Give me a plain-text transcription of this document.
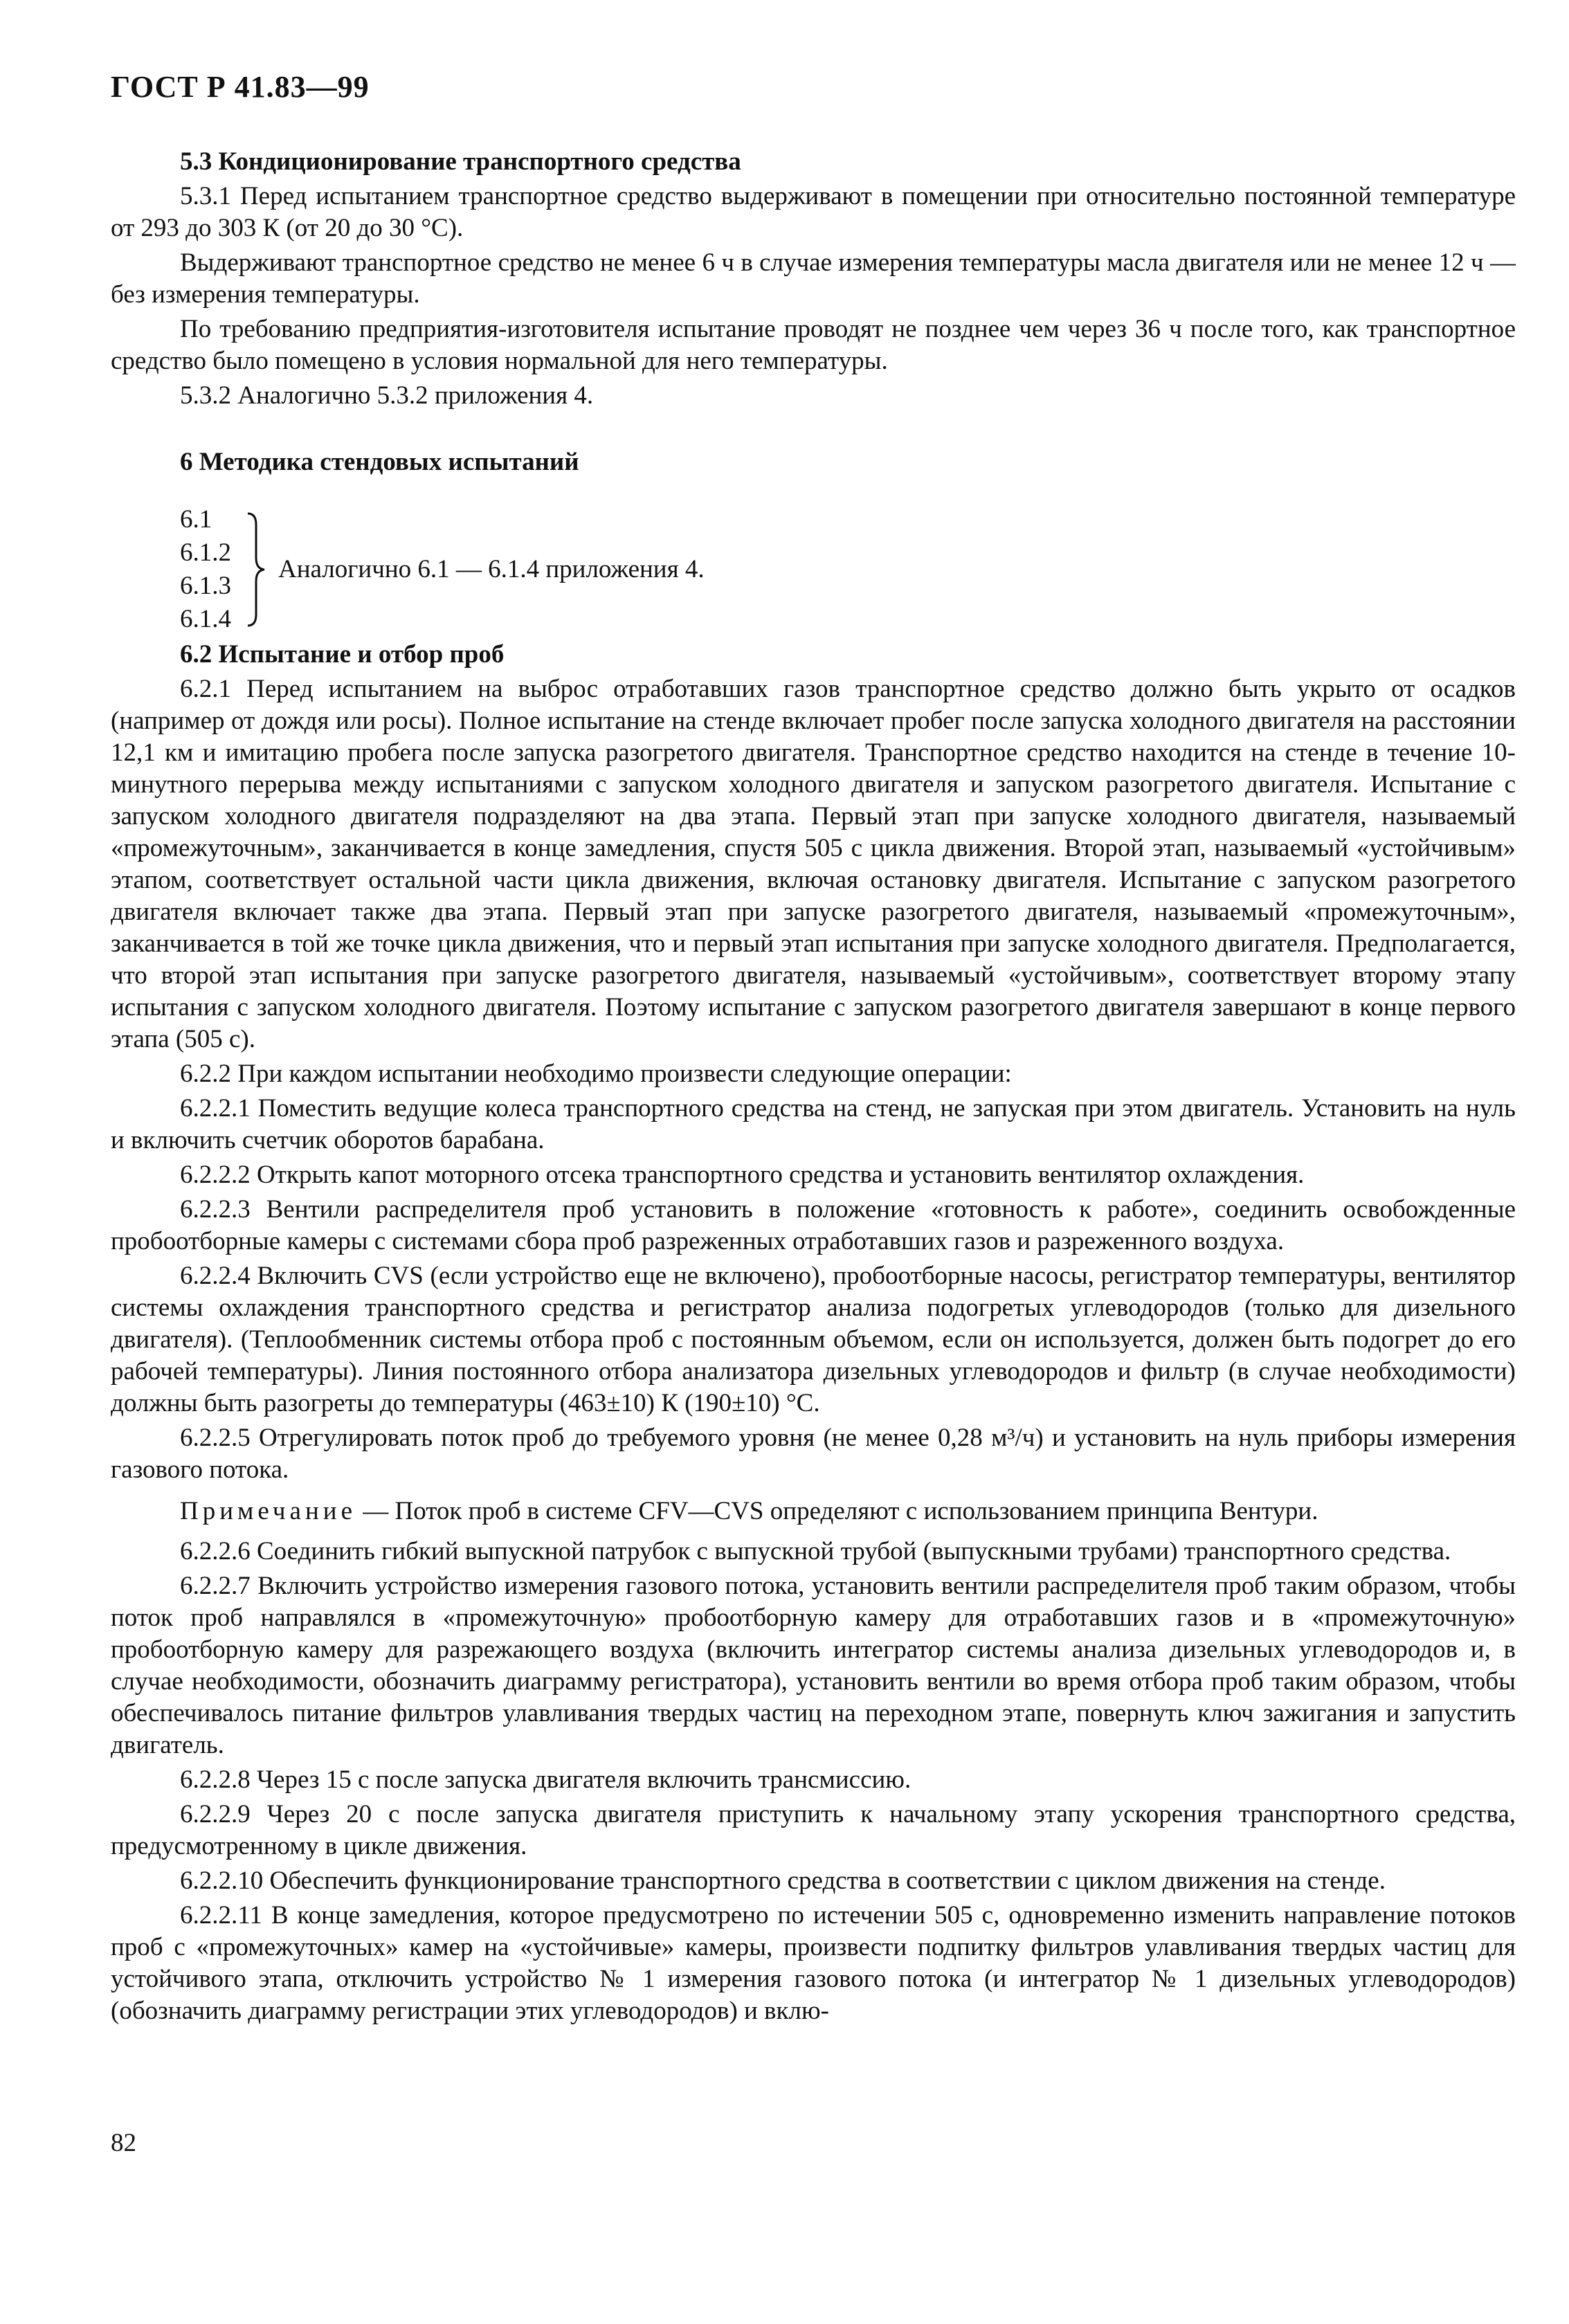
ГОСТ Р 41.83—99
5.3 Кондиционирование транспортного средства

5.3.1 Перед испытанием транспортное средство выдерживают в помещении при относительно постоянной температуре от 293 до 303 К (от 20 до 30 °С).

Выдерживают транспортное средство не менее 6 ч в случае измерения температуры масла двигателя или не менее 12 ч — без измерения температуры.

По требованию предприятия-изготовителя испытание проводят не позднее чем через 36 ч после того, как транспортное средство было помещено в условия нормальной для него температуры.

5.3.2 Аналогично 5.3.2 приложения 4.

6 Методика стендовых испытаний
6.1
6.1.2
6.1.3
6.1.4
Аналогично 6.1 — 6.1.4 приложения 4.
6.2 Испытание и отбор проб

6.2.1 Перед испытанием на выброс отработавших газов транспортное средство должно быть укрыто от осадков (например от дождя или росы). Полное испытание на стенде включает пробег после запуска холодного двигателя на расстоянии 12,1 км и имитацию пробега после запуска разогретого двигателя. Транспортное средство находится на стенде в течение 10-минутного перерыва между испытаниями с запуском холодного двигателя и запуском разогретого двигателя. Испытание с запуском холодного двигателя подразделяют на два этапа. Первый этап при запуске холодного двигателя, называемый «промежуточным», заканчивается в конце замедления, спустя 505 с цикла движения. Второй этап, называемый «устойчивым» этапом, соответствует остальной части цикла движения, включая остановку двигателя. Испытание с запуском разогретого двигателя включает также два этапа. Первый этап при запуске разогретого двигателя, называемый «промежуточным», заканчивается в той же точке цикла движения, что и первый этап испытания при запуске холодного двигателя. Предполагается, что второй этап испытания при запуске разогретого двигателя, называемый «устойчивым», соответствует второму этапу испытания с запуском холодного двигателя. Поэтому испытание с запуском разогретого двигателя завершают в конце первого этапа (505 с).

6.2.2 При каждом испытании необходимо произвести следующие операции:

6.2.2.1 Поместить ведущие колеса транспортного средства на стенд, не запуская при этом двигатель. Установить на нуль и включить счетчик оборотов барабана.

6.2.2.2 Открыть капот моторного отсека транспортного средства и установить вентилятор охлаждения.

6.2.2.3 Вентили распределителя проб установить в положение «готовность к работе», соединить освобожденные пробоотборные камеры с системами сбора проб разреженных отработавших газов и разреженного воздуха.

6.2.2.4 Включить CVS (если устройство еще не включено), пробоотборные насосы, регистратор температуры, вентилятор системы охлаждения транспортного средства и регистратор анализа подогретых углеводородов (только для дизельного двигателя). (Теплообменник системы отбора проб с постоянным объемом, если он используется, должен быть подогрет до его рабочей температуры). Линия постоянного отбора анализатора дизельных углеводородов и фильтр (в случае необходимости) должны быть разогреты до температуры (463±10) К (190±10) °С.

6.2.2.5 Отрегулировать поток проб до требуемого уровня (не менее 0,28 м³/ч) и установить на нуль приборы измерения газового потока.

Примечание — Поток проб в системе CFV—CVS определяют с использованием принципа Вентури.

6.2.2.6 Соединить гибкий выпускной патрубок с выпускной трубой (выпускными трубами) транспортного средства.

6.2.2.7 Включить устройство измерения газового потока, установить вентили распределителя проб таким образом, чтобы поток проб направлялся в «промежуточную» пробоотборную камеру для отработавших газов и в «промежуточную» пробоотборную камеру для разрежающего воздуха (включить интегратор системы анализа дизельных углеводородов и, в случае необходимости, обозначить диаграмму регистратора), установить вентили во время отбора проб таким образом, чтобы обеспечивалось питание фильтров улавливания твердых частиц на переходном этапе, повернуть ключ зажигания и запустить двигатель.

6.2.2.8 Через 15 с после запуска двигателя включить трансмиссию.

6.2.2.9 Через 20 с после запуска двигателя приступить к начальному этапу ускорения транспортного средства, предусмотренному в цикле движения.

6.2.2.10 Обеспечить функционирование транспортного средства в соответствии с циклом движения на стенде.

6.2.2.11 В конце замедления, которое предусмотрено по истечении 505 с, одновременно изменить направление потоков проб с «промежуточных» камер на «устойчивые» камеры, произвести подпитку фильтров улавливания твердых частиц для устойчивого этапа, отключить устройство № 1 измерения газового потока (и интегратор № 1 дизельных углеводородов) (обозначить диаграмму регистрации этих углеводородов) и вклю-

82
